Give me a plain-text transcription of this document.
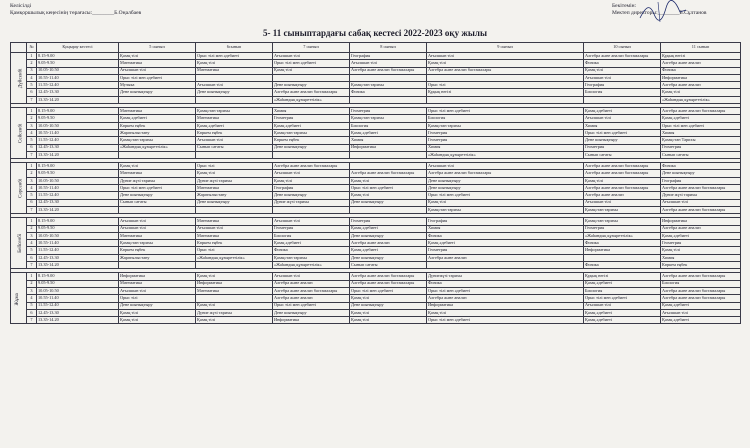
Келісілді
Қамқоршылық кеңесінің төрағасы:________Б.Оңалбаев
Бекітемін:
Мектеп директоры:________Б.Сұлтанов
5- 11 сыныптардағы сабақ кестесі 2022-2023 оқу жылы
	№	Қоңырау кестесі	5 сынып	6сынып	7 сынып	8 сынып	9 сынып	10 сынып	11 сынып	
Дүйсенбі	1	8.15-9.00	Қазақ тілі	Орыс тілі мен әдебиеті	Ағылшын тілі	География	Ағылшын тілі	Алгебра және анализ бастамалары	Құқық негізі	
	2	9.05-9.50	Математика	Қазақ тілі	Орыс тілі мен әдебиеті	Ағылшын тілі	Қазақ тілі	Физика	Алгебра және анализ	
	3	10.05-10.50	Ағылшын тілі	Математика	Қазақ тілі	Алгебра және анализ бастамалары	Алгебра және анализ бастамалары	Қазақ тілі	Физика	
	4	10.55-11.40	Орыс тілі мен әдебиеті					Ағылшын тілі	Информатика	
	5	11.55-12.40	Музыка	Ағылшын тілі	Дене шынықтыру	Қазақстан тарихы	Орыс тілі	География	Алгебра және анализ	
	6	12.45-13.30	Дене шынықтыру	Дене шынықтыру	Алгебра және анализ бастамалары	Физика	Құқық негізі	Биология	Қазақ тілі	
	7	13.35-14.20			«Жаһандық құзыреттілік»				«Жаһандық құзыреттілік»	

Сейсенбі	1	8.15-9.00	Математика	Қазақстан тарихы	Химия	Геометрия	Орыс тілі мен әдебиеті	Қазақ әдебиеті	Алгебра және анализ бастамалары	
	2	9.05-9.50	Қазақ әдебиеті	Математика	Геометрия	Қазақстан тарихы	Биология	Ағылшын тілі	Қазақ әдебиеті	
	3	10.05-10.50	Көркем еңбек	Қазақ әдебиеті	Қазақ әдебиеті	Биология	Қазақстан тарихы	Химия	Орыс тілі мен әдебиеті	
	4	10.55-11.40	Жаратылыстану	Көркем еңбек	Қазақстан тарихы	Қазақ әдебиеті	Геометрия	Орыс тілі мен әдебиеті	Химия	
	5	11.55-12.40	Қазақстан тарихы	Ағылшын тілі	Көркем еңбек	Химия	Геометрия	Дене шынықтыру	Қазақстан Тарихы	
	6	12.45-13.30	«Жаһандық құзыреттілік»	Сынып сағаты	Дене шынықтыру	Информатика	Химия	Геометрия	Геометрия	
	7	13.35-14.20					«Жаһандық құзыреттілік»	Сынып сағаты	Сынып сағаты	

Сәрсенбі	1	8.15-9.00	Қазақ тілі	Орыс тілі	Алгебра және анализ бастамалары		Ағылшын тілі	Алгебра және анализ бастамалары	Физика	
	2	9.05-9.50	Математика	Қазақ тілі	Ағылшын тілі	Алгебра және анализ бастамалары	Алгебра және анализ бастамалары	Алгебра және анализ бастамалары	Дене шынықтыру	
	3	10.05-10.50	Дүние жүзі тарихы	Дүние жүзі тарихы	Қазақ тілі	Қазақ тілі	Дене шынықтыру	Қазақ тілі	География	
	4	10.55-11.40	Орыс тілі мен әдебиеті	Математика	География	Орыс тілі мен әдебиеті	Дене шынықтыру	Алгебра және анализ бастамалары	Алгебра және анализ бастамалары	
	5	11.55-12.40	Дене шынықтыру	Жаратылыстану	Дене шынықтыру	Қазақ тілі	Орыс тілі мен әдебиеті	Алгебра және анализ	Дүние жүзі тарихы	
	6	12.45-13.30	Сынып сағаты	Дене шынықтыру	Дүние жүзі тарихы	Дене шынықтыру	Қазақ тілі	Ағылшын тілі	Ағылшын тілі	
	7	13.35-14.20					Қазақстан тарихы	Қазақстан тарихы	Алгебра және анализ бастамалары	

Бейсенбі	1	8.15-9.00	Ағылшын тілі	Математика	Ағылшын тілі	Геометрия	География	Қазақстан тарихы	Информатика	
	2	9.05-9.50	Ағылшын тілі	Ағылшын тілі	Геометрия	Қазақ әдебиеті	Химия	Геометрия	Алгебра және анализ	
	3	10.05-10.50	Математика	Математика	Биология	Дене шынықтыру	Физика	«Жаһандық құзыреттілік»	Қазақ әдебиеті	
	4	10.55-11.40	Қазақстан тарихы	Көркем еңбек	Қазақ әдебиеті	Алгебра және анализ	Қазақ әдебиеті	Физика	Геометрия	
	5	11.55-12.40	Көркем еңбек	Орыс тілі	Физика	Қазақ әдебиеті	Геометрия	Информатика	Қазақ тілі	
	6	12.45-13.30	Жаратылыстану	«Жаһандық құзыреттілік»	Қазақстан тарихы	Дене шынықтыру	Алгебра және анализ		Химия	
	7	13.35-14.20			«Жаһандық құзыреттілік»	Сынып сағаты		Физика	Көркем еңбек	

Жұма	1	8.15-9.00	Информатика	Қазақ тілі	Ағылшын тілі	Алгебра және анализ бастамалары	Дүниежүзі тарихы	Құқық негізі	Алгебра және анализ бастамалары	
	2	9.05-9.50	Математика	Информатика	Алгебра және анализ	Алгебра және анализ бастамалары	Физика	Қазақ әдебиеті	Биология	
	3	10.05-10.50	Ағылшын тілі	Математика	Алгебра және анализ бастамалары	Орыс тілі мен әдебиеті	Орыс тілі мен әдебиеті	Биология	Алгебра және анализ бастамалары	
	4	10.55-11.40	Орыс тілі		Алгебра және анализ	Қазақ тілі	Алгебра және анализ	Орыс тілі мен әдебиеті	Алгебра және анализ бастамалары	
	5	11.55-12.40	Дене шынықтыру	Қазақ тілі	Орыс тілі мен әдебиеті	Дене шынықтыру	Информатика	Ағылшын тілі	Қазақ әдебиеті	
	6	12.45-13.30	Қазақ тілі	Дүние жүзі тарихы	Дене шынықтыру	Қазақ тілі	Қазақ тілі	Қазақ әдебиеті	Ағылшын тілі	
	7	13.35-14.20	Қазақ тілі	Қазақ тілі	Информатика	Қазақ тілі	Орыс тілі мен әдебиеті	Қазақ әдебиеті	Қазақ әдебиеті	
